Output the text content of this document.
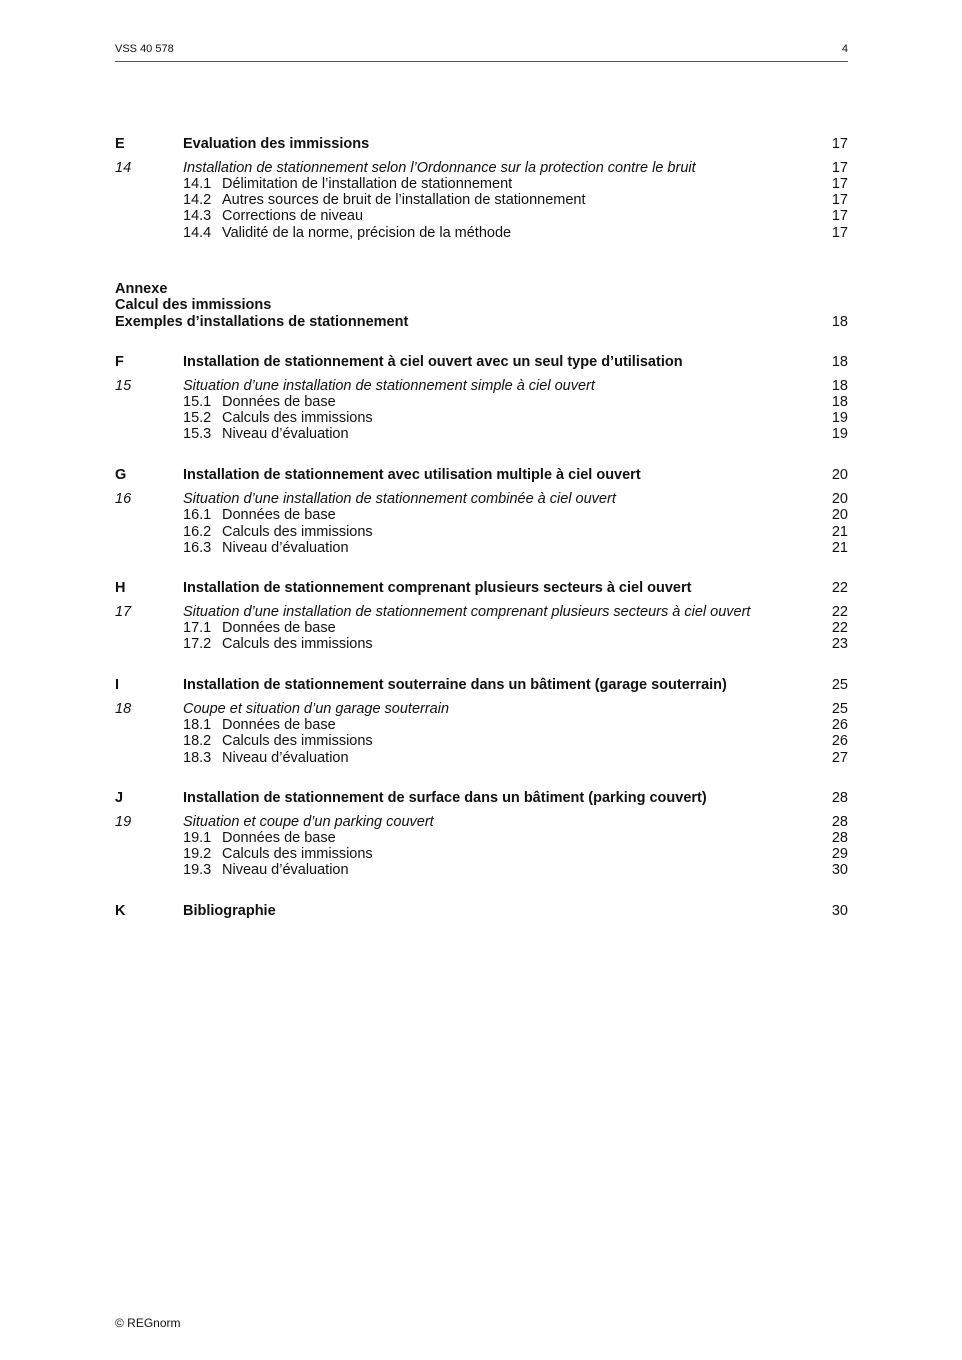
VSS 40 578	4
E	Evaluation des immissions	17
14	Installation de stationnement selon l’Ordonnance sur la protection contre le bruit	17
14.1 Délimitation de l’installation de stationnement	17
14.2 Autres sources de bruit de l’installation de stationnement	17
14.3 Corrections de niveau	17
14.4 Validité de la norme, précision de la méthode	17
Annexe
Calcul des immissions
Exemples d’installations de stationnement	18
F	Installation de stationnement à ciel ouvert avec un seul type d’utilisation	18
15	Situation d’une installation de stationnement simple à ciel ouvert	18
15.1 Données de base	18
15.2 Calculs des immissions	19
15.3 Niveau d’évaluation	19
G	Installation de stationnement avec utilisation multiple à ciel ouvert	20
16	Situation d’une installation de stationnement combinée à ciel ouvert	20
16.1 Données de base	20
16.2 Calculs des immissions	21
16.3 Niveau d’évaluation	21
H	Installation de stationnement comprenant plusieurs secteurs à ciel ouvert	22
17	Situation d’une installation de stationnement comprenant plusieurs secteurs à ciel ouvert	22
17.1 Données de base	22
17.2 Calculs des immissions	23
I	Installation de stationnement souterraine dans un bâtiment (garage souterrain)	25
18	Coupe et situation d’un garage souterrain	25
18.1 Données de base	26
18.2 Calculs des immissions	26
18.3 Niveau d’évaluation	27
J	Installation de stationnement de surface dans un bâtiment (parking couvert)	28
19	Situation et coupe d’un parking couvert	28
19.1 Données de base	28
19.2 Calculs des immissions	29
19.3 Niveau d’évaluation	30
K	Bibliographie	30
© REGnorm
